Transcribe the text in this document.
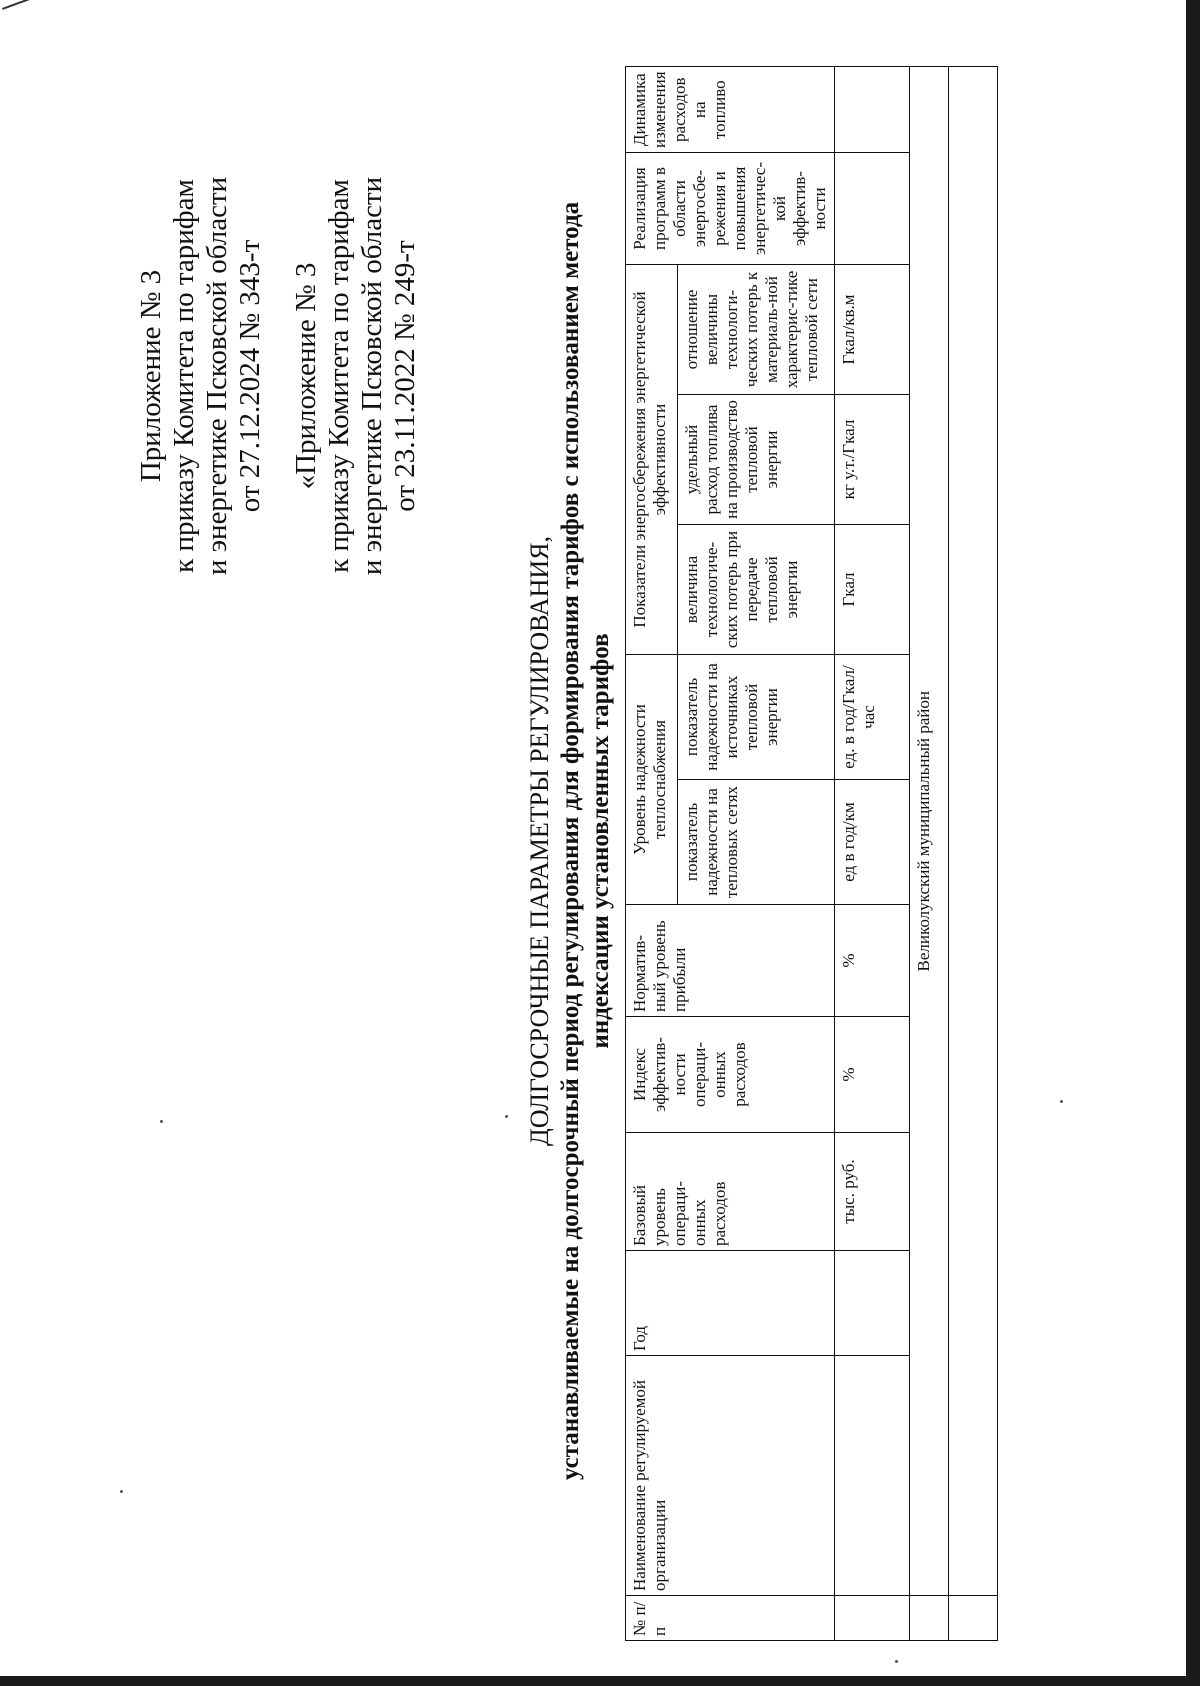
Приложение № 3 к приказу Комитета по тарифам и энергетике Псковской области от 27.12.2024 № 343-т «Приложение № 3 к приказу Комитета по тарифам и энергетике Псковской области от 23.11.2022 № 249-т
ДОЛГОСРОЧНЫЕ ПАРАМЕТРЫ РЕГУЛИРОВАНИЯ, устанавливаемые на долгосрочный период регулирования для формирования тарифов с использованием метода индексации установленных тарифов
№ п/п	Наименование регулируемой организации	Год	Базовый уровень операци-онных расходов	Индекс эффектив-ности операци-онных расходов	Норматив-ный уровень прибыли	Уровень надежности теплоснабжения		Показатели энергосбережения энергетической эффективности			Реализация программ в области энергосбе-режения и повышения энергетичес-кой эффектив-ности	Динамика изменения расходов на топливо
						показатель надежности на тепловых сетях	показатель надежности на источниках тепловой энергии	величина технологиче-ских потерь при передаче тепловой энергии	удельный расход топлива на производство тепловой энергии	отношение величины технологи-ческих потерь к материаль-ной характерис-тике тепловой сети		
			тыс. руб.	%	%	ед в год/км	ед. в год/Гкал/час	Гкал	кг у.т./Гкал	Гкал/кв.м		
	Великолукский муниципальный район											
